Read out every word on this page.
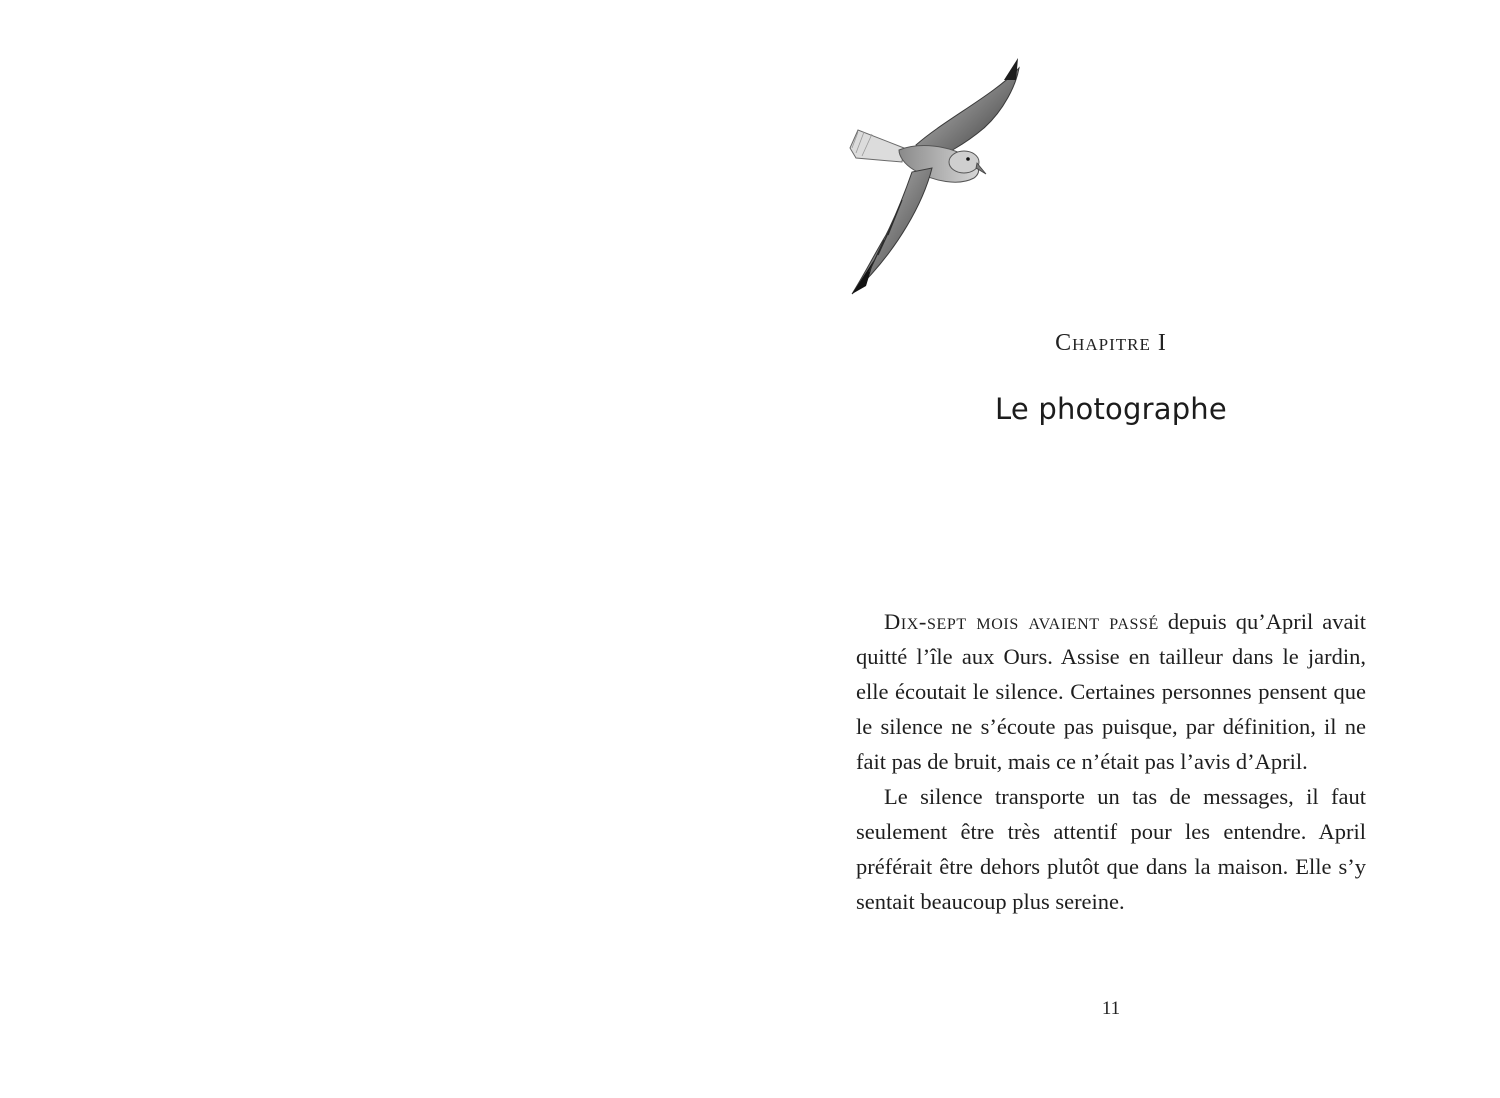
Chapitre I
Le photographe

Dix-sept mois avaient passé depuis qu’April avait quitté l’île aux Ours. Assise en tailleur dans le jardin, elle écoutait le silence. Certaines personnes pensent que le silence ne s’écoute pas puisque, par définition, il ne fait pas de bruit, mais ce n’était pas l’avis d’April.

Le silence transporte un tas de messages, il faut seulement être très attentif pour les entendre. April préférait être dehors plutôt que dans la maison. Elle s’y sentait beaucoup plus sereine.

11
